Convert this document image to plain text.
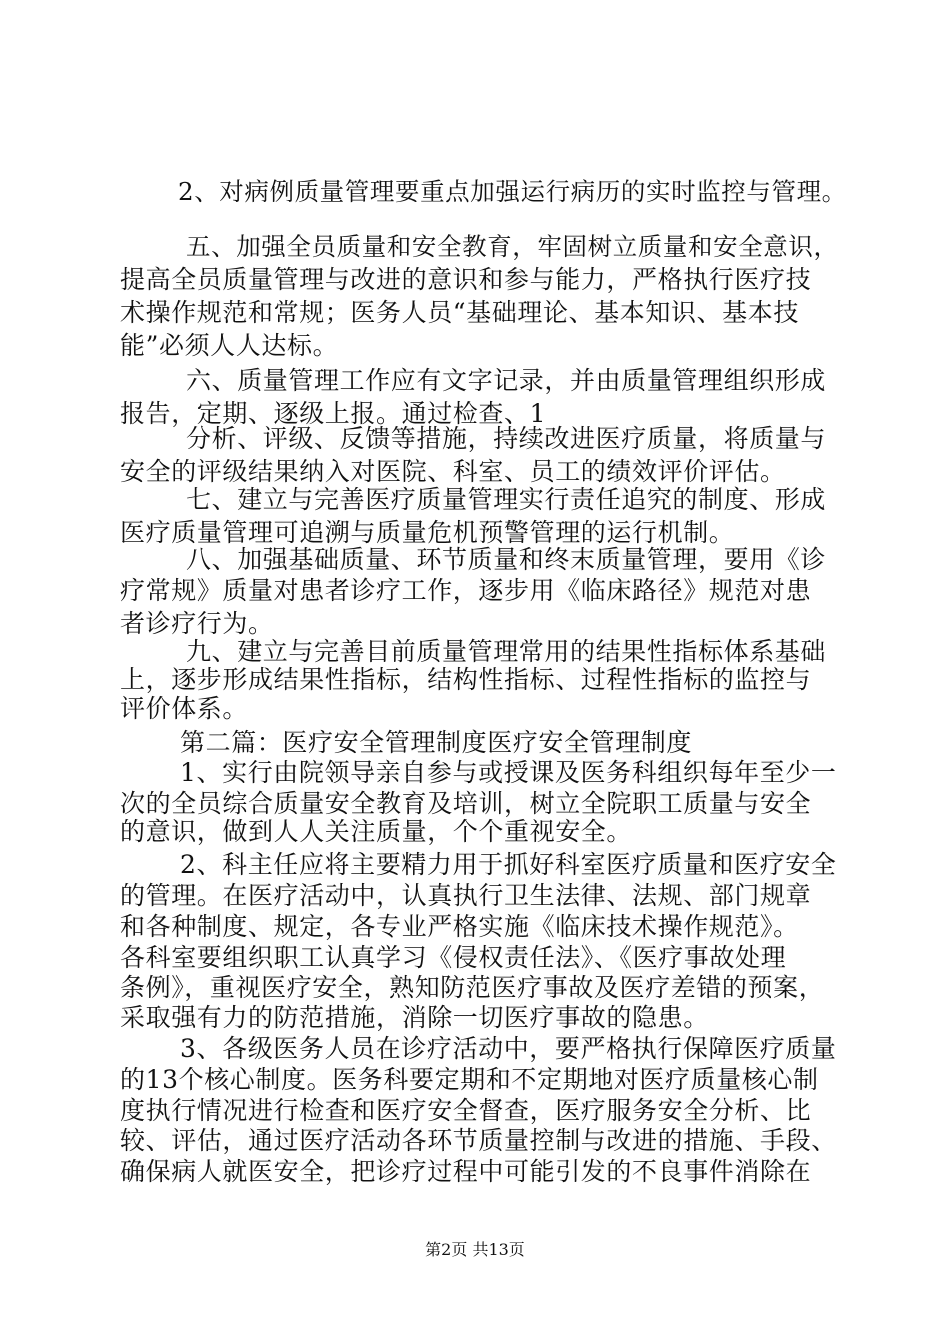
2、对病例质量管理要重点加强运行病历的实时监控与管理。

五、加强全员质量和安全教育，牢固树立质量和安全意识，

提高全员质量管理与改进的意识和参与能力，严格执行医疗技

术操作规范和常规；医务人员“基础理论、基本知识、基本技

能”必须人人达标。

六、质量管理工作应有文字记录，并由质量管理组织形成

报告，定期、逐级上报。通过检查、1

分析、评级、反馈等措施，持续改进医疗质量，将质量与

安全的评级结果纳入对医院、科室、员工的绩效评价评估。

七、建立与完善医疗质量管理实行责任追究的制度、形成

医疗质量管理可追溯与质量危机预警管理的运行机制。

八、加强基础质量、环节质量和终末质量管理，要用《诊

疗常规》质量对患者诊疗工作，逐步用《临床路径》规范对患

者诊疗行为。

九、建立与完善目前质量管理常用的结果性指标体系基础

上，逐步形成结果性指标，结构性指标、过程性指标的监控与

评价体系。

第二篇：医疗安全管理制度医疗安全管理制度

1、实行由院领导亲自参与或授课及医务科组织每年至少一

次的全员综合质量安全教育及培训，树立全院职工质量与安全

的意识，做到人人关注质量，个个重视安全。

2、科主任应将主要精力用于抓好科室医疗质量和医疗安全

的管理。在医疗活动中，认真执行卫生法律、法规、部门规章

和各种制度、规定，各专业严格实施《临床技术操作规范》。

各科室要组织职工认真学习《侵权责任法》、《医疗事故处理

条例》，重视医疗安全，熟知防范医疗事故及医疗差错的预案，

采取强有力的防范措施，消除一切医疗事故的隐患。

3、各级医务人员在诊疗活动中，要严格执行保障医疗质量

的13个核心制度。医务科要定期和不定期地对医疗质量核心制

度执行情况进行检查和医疗安全督查，医疗服务安全分析、比

较、评估，通过医疗活动各环节质量控制与改进的措施、手段、

确保病人就医安全，把诊疗过程中可能引发的不良事件消除在

第2页 共13页
